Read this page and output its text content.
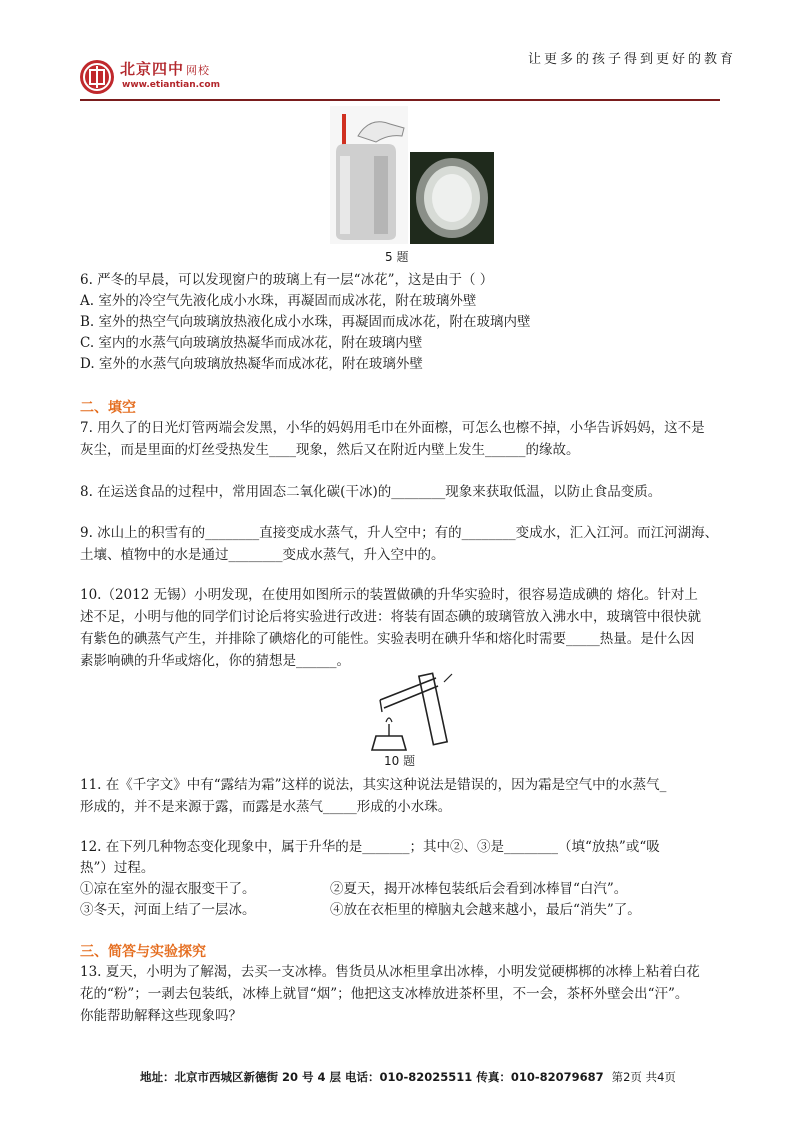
北京四中 网校
www.etiantian.com
让更多的孩子得到更好的教育
5 题
6. 严冬的早晨，可以发现窗户的玻璃上有一层“冰花”，这是由于（ ）
A. 室外的冷空气先液化成小水珠，再凝固而成冰花，附在玻璃外壁
B. 室外的热空气向玻璃放热液化成小水珠，再凝固而成冰花，附在玻璃内壁
C. 室内的水蒸气向玻璃放热凝华而成冰花，附在玻璃内壁
D. 室外的水蒸气向玻璃放热凝华而成冰花，附在玻璃外壁
二、填空
7. 用久了的日光灯管两端会发黑，小华的妈妈用毛巾在外面檫，可怎么也檫不掉，小华告诉妈妈，这不是
灰尘，而是里面的灯丝受热发生____现象，然后又在附近内壁上发生______的缘故。
8. 在运送食品的过程中，常用固态二氧化碳(干冰)的________现象来获取低温，以防止食品变质。
9. 冰山上的积雪有的________直接变成水蒸气，升人空中；有的________变成水，汇入江河。而江河湖海、
土壤、植物中的水是通过________变成水蒸气，升入空中的。
10.（2012 无锡）小明发现，在使用如图所示的装置做碘的升华实验时，很容易造成碘的 熔化。针对上
述不足，小明与他的同学们讨论后将实验进行改进：将装有固态碘的玻璃管放入沸水中，玻璃管中很快就
有紫色的碘蒸气产生，并排除了碘熔化的可能性。实验表明在碘升华和熔化时需要_____热量。是什么因
素影响碘的升华或熔化，你的猜想是______。
10 题
11. 在《千字文》中有“露结为霜”这样的说法，其实这种说法是错误的，因为霜是空气中的水蒸气_
形成的，并不是来源于露，而露是水蒸气_____形成的小水珠。
12. 在下列几种物态变化现象中，属于升华的是_______；其中②、③是________（填“放热”或“吸
热”）过程。
①凉在室外的湿衣服变干了。	②夏天，揭开冰棒包装纸后会看到冰棒冒“白汽”。
③冬天，河面上结了一层冰。	④放在衣柜里的樟脑丸会越来越小，最后“消失”了。
三、简答与实验探究
13. 夏天，小明为了解渴，去买一支冰棒。售货员从冰柜里拿出冰棒，小明发觉硬梆梆的冰棒上粘着白花
花的“粉”；一剥去包装纸，冰棒上就冒“烟”；他把这支冰棒放进茶杯里，不一会，茶杯外壁会出“汗”。
你能帮助解释这些现象吗？
地址：北京市西城区新德街 20 号 4 层 电话：010-82025511 传真：010-82079687 第2页 共4页
